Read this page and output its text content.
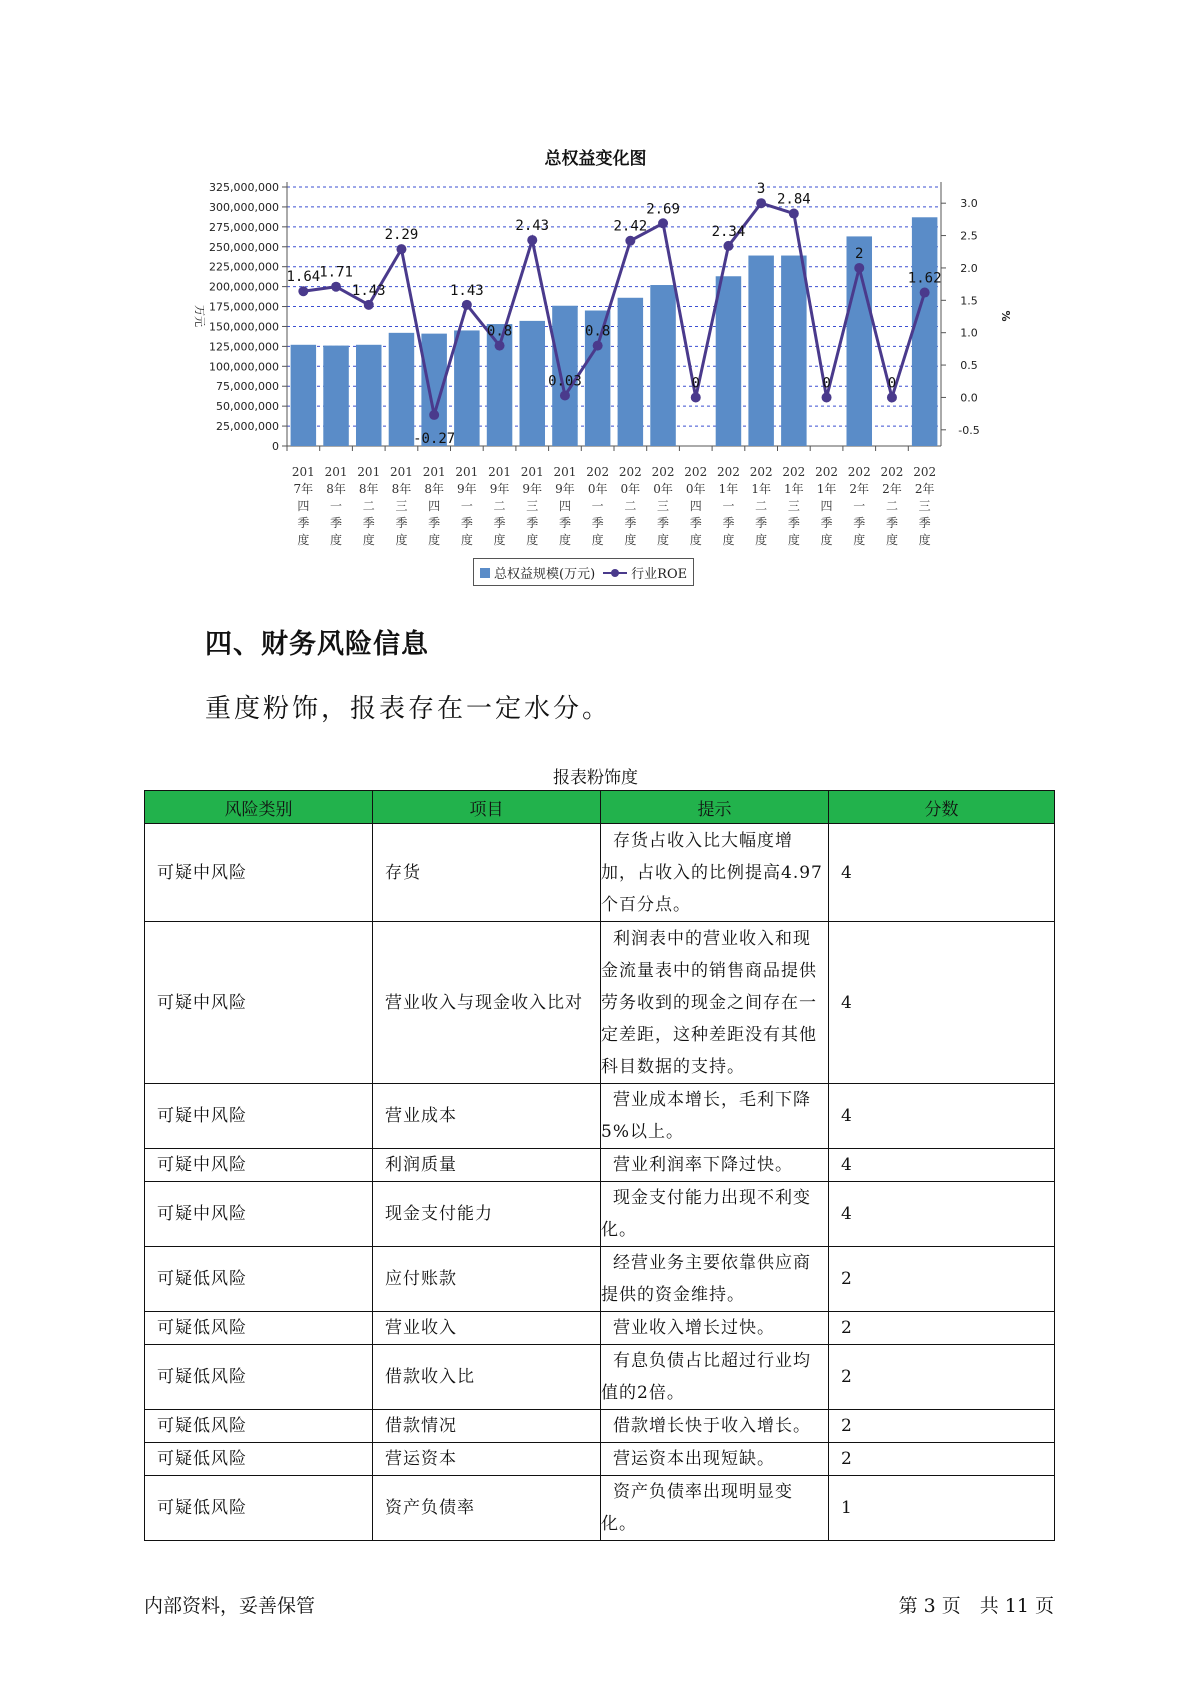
总权益变化图
325,000,000
300,000,000
275,000,000
250,000,000
225,000,000
200,000,000
175,000,000
150,000,000
125,000,000
100,000,000
75,000,000
50,000,000
25,000,000
0
3.0
2.5
2.0
1.5
1.0
0.5
0.0
-0.5
万元	%
1.64
1.71
1.43
2.29
-0.27
1.43
0.8
2.43
0.03
0.8
2.42
2.69
0
2.34
3
2.84
0
2
0
1.62
201
7年
四
季
度
201
8年
一
季
度
201
8年
二
季
度
201
8年
三
季
度
201
8年
四
季
度
201
9年
一
季
度
201
9年
二
季
度
201
9年
三
季
度
201
9年
四
季
度
202
0年
一
季
度
202
0年
二
季
度
202
0年
三
季
度
202
0年
四
季
度
202
1年
一
季
度
202
1年
二
季
度
202
1年
三
季
度
202
1年
四
季
度
202
2年
一
季
度
202
2年
二
季
度
202
2年
三
季
度
总权益规模(万元)	行业ROE
四、财务风险信息
重度粉饰，报表存在一定水分。
报表粉饰度
风险类别	项目	提示	分数
可疑中风险	存货	存货占收入比大幅度增加，占收入的比例提高4.97个百分点。	4
可疑中风险	营业收入与现金收入比对	利润表中的营业收入和现金流量表中的销售商品提供劳务收到的现金之间存在一定差距，这种差距没有其他科目数据的支持。	4
可疑中风险	营业成本	营业成本增长，毛利下降5%以上。	4
可疑中风险	利润质量	营业利润率下降过快。	4
可疑中风险	现金支付能力	现金支付能力出现不利变化。	4
可疑低风险	应付账款	经营业务主要依靠供应商提供的资金维持。	2
可疑低风险	营业收入	营业收入增长过快。	2
可疑低风险	借款收入比	有息负债占比超过行业均值的2倍。	2
可疑低风险	借款情况	借款增长快于收入增长。	2
可疑低风险	营运资本	营运资本出现短缺。	2
可疑低风险	资产负债率	资产负债率出现明显变化。	1
内部资料，妥善保管	第 3 页　共 11 页
